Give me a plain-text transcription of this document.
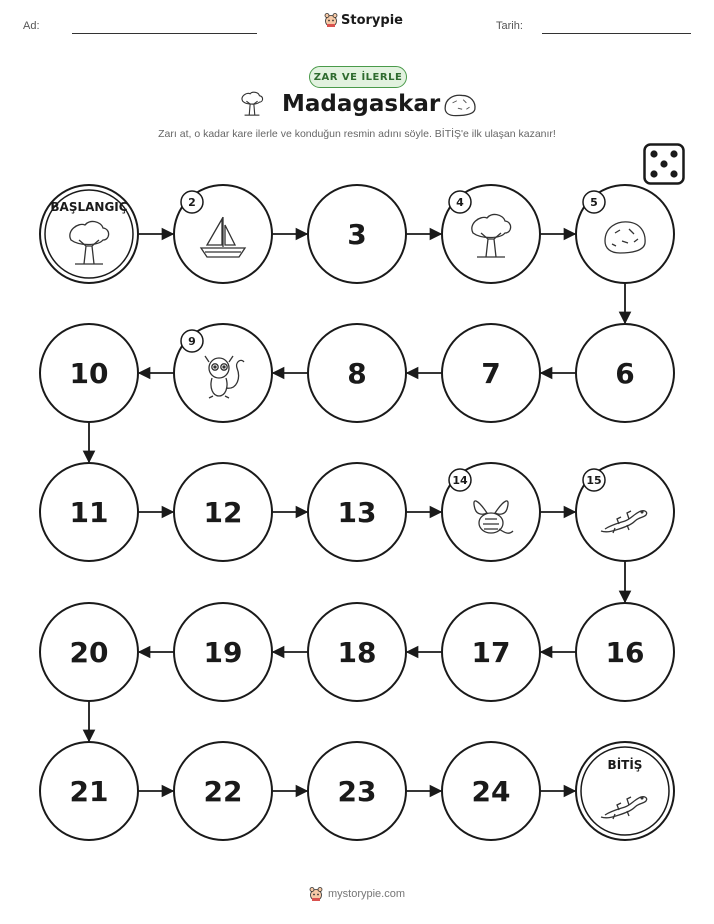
Ad:	Storypie	Tarih:
ZAR VE İLERLE
Madagaskar
Zarı at, o kadar kare ilerle ve konduğun resmin adını söyle. BİTİŞ'e ilk ulaşan kazanır!
BAŞLANGIÇ	2
3
4	5
6
7
8
9
10
11	12	13
14	15
16
17
18
19
20
21	22	23	24
BİTİŞ
mystorypie.com
